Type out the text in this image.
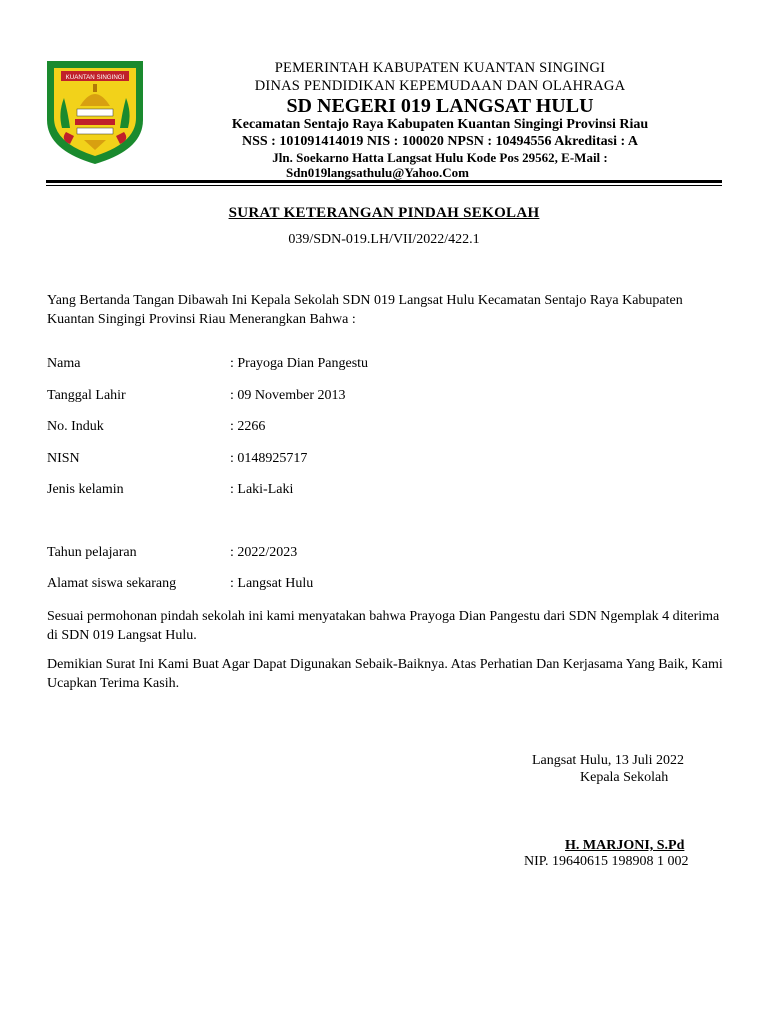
KUANTAN SINGINGI
PEMERINTAH KABUPATEN KUANTAN SINGINGI
DINAS PENDIDIKAN KEPEMUDAAN DAN OLAHRAGA
SD NEGERI 019 LANGSAT HULU
Kecamatan Sentajo Raya Kabupaten Kuantan Singingi Provinsi Riau
NSS : 101091414019 NIS : 100020 NPSN : 10494556 Akreditasi : A
Jln. Soekarno Hatta Langsat Hulu Kode Pos 29562, E-Mail :
Sdn019langsathulu@Yahoo.Com
SURAT KETERANGAN PINDAH SEKOLAH
039/SDN-019.LH/VII/2022/422.1
Yang Bertanda Tangan Dibawah Ini Kepala Sekolah SDN 019 Langsat Hulu Kecamatan Sentajo Raya Kabupaten Kuantan Singingi Provinsi Riau Menerangkan Bahwa :
Nama	: Prayoga Dian Pangestu
Tanggal Lahir	: 09 November 2013
No. Induk	: 2266
NISN	: 0148925717
Jenis kelamin	: Laki-Laki
Tahun pelajaran	: 2022/2023
Alamat siswa sekarang	: Langsat Hulu
Sesuai permohonan pindah sekolah ini kami menyatakan bahwa Prayoga Dian Pangestu dari SDN Ngemplak 4 diterima di SDN 019 Langsat Hulu.
Demikian Surat Ini Kami Buat Agar Dapat Digunakan Sebaik-Baiknya. Atas Perhatian Dan Kerjasama Yang Baik, Kami Ucapkan Terima Kasih.
Langsat Hulu, 13 Juli 2022
Kepala Sekolah
H. MARJONI, S.Pd
NIP. 19640615 198908 1 002
